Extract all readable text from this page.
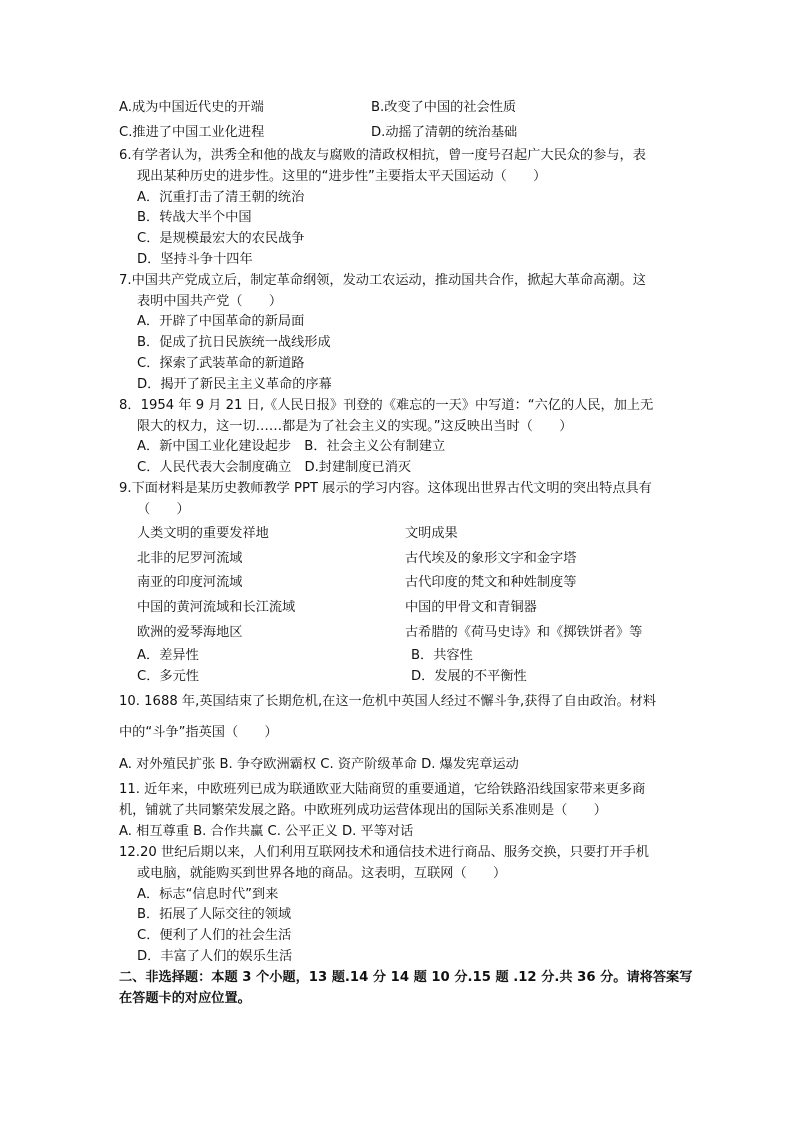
A.成为中国近代史的开端	B.改变了中国的社会性质
C.推进了中国工业化进程	D.动摇了清朝的统治基础
6.有学者认为，洪秀全和他的战友与腐败的清政权相抗，曾一度号召起广大民众的参与，表
现出某种历史的进步性。这里的“进步性”主要指太平天国运动（　　）
A．沉重打击了清王朝的统治
B．转战大半个中国
C．是规模最宏大的农民战争
D．坚持斗争十四年
7.中国共产党成立后，制定革命纲领，发动工农运动，推动国共合作，掀起大革命高潮。这
表明中国共产党（　　）
A．开辟了中国革命的新局面
B．促成了抗日民族统一战线形成
C．探索了武装革命的新道路
D．揭开了新民主主义革命的序幕
8．1954 年 9 月 21 日,《人民日报》刊登的《难忘的一天》中写道：“六亿的人民，加上无
限大的权力，这一切……都是为了社会主义的实现。”这反映出当时（　　）
A．新中国工业化建设起步　B．社会主义公有制建立
C．人民代表大会制度确立　D.封建制度已消灭
9.下面材料是某历史教师教学 PPT 展示的学习内容。这体现出世界古代文明的突出特点具有
（　　）
人类文明的重要发祥地	文明成果
北非的尼罗河流域	古代埃及的象形文字和金字塔
南亚的印度河流域	古代印度的梵文和种姓制度等
中国的黄河流域和长江流域	中国的甲骨文和青铜器
欧洲的爱琴海地区	古希腊的《荷马史诗》和《掷铁饼者》等
A．差异性	B．共容性
C．多元性	D．发展的不平衡性
10. 1688 年,英国结束了长期危机,在这一危机中英国人经过不懈斗争,获得了自由政治。材料
中的“斗争”指英国（　　）
A. 对外殖民扩张 B. 争夺欧洲霸权 C. 资产阶级革命 D. 爆发宪章运动
11. 近年来，中欧班列已成为联通欧亚大陆商贸的重要通道，它给铁路沿线国家带来更多商
机，铺就了共同繁荣发展之路。中欧班列成功运营体现出的国际关系准则是（　　）
A. 相互尊重 B. 合作共赢 C. 公平正义 D. 平等对话
12.20 世纪后期以来，人们利用互联网技术和通信技术进行商品、服务交换，只要打开手机
或电脑，就能购买到世界各地的商品。这表明，互联网（　　）
A．标志“信息时代”到来
B．拓展了人际交往的领域
C．便利了人们的社会生活
D．丰富了人们的娱乐生活
二、非选择题：本题 3 个小题，13 题.14 分 14 题 10 分.15 题 .12 分.共 36 分。请将答案写
在答题卡的对应位置。
